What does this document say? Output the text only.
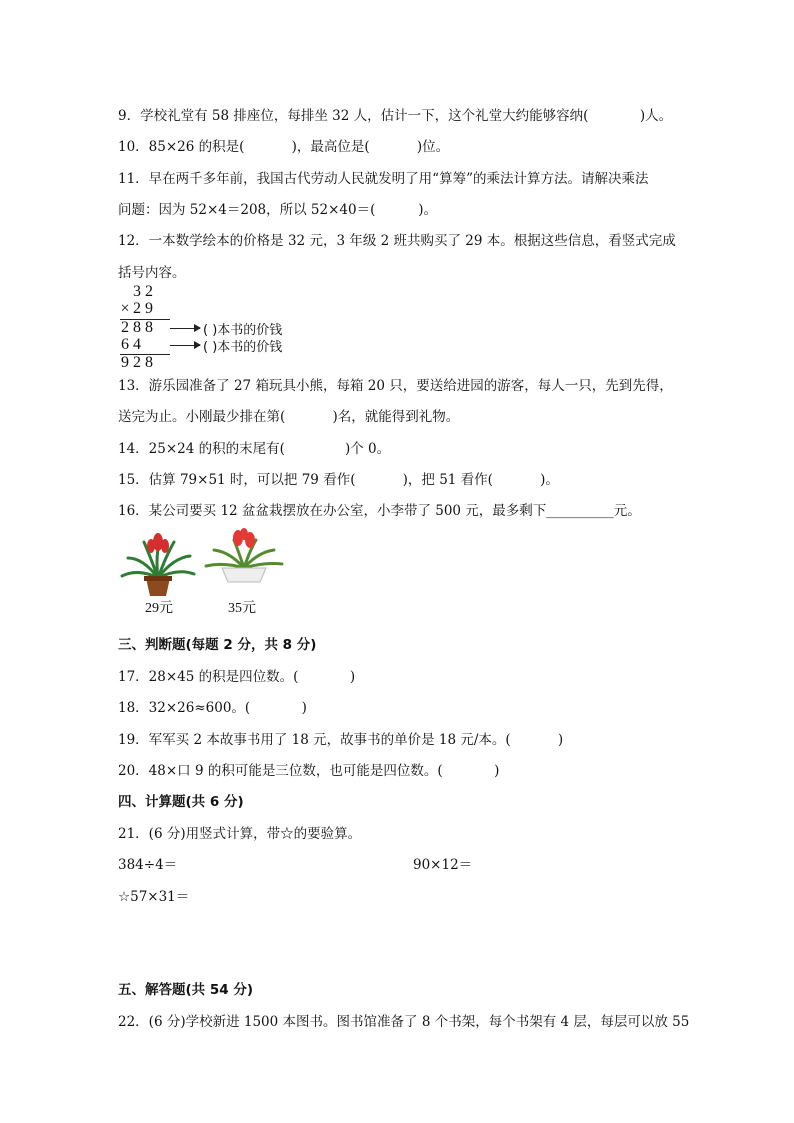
9．学校礼堂有 58 排座位，每排坐 32 人，估计一下，这个礼堂大约能够容纳(            )人。
10．85×26 的积是(           )，最高位是(           )位。
11．早在两千多年前，我国古代劳动人民就发明了用“算筹”的乘法计算方法。请解决乘法
问题：因为 52×4＝208，所以 52×40＝(          )。
12．一本数学绘本的价格是 32 元，3 年级 2 班共购买了 29 本。根据这些信息，看竖式完成
括号内容。
3 2
× 2 9
2 8 8	( )本书的价钱
6 4	( )本书的价钱
9 2 8
13．游乐园准备了 27 箱玩具小熊，每箱 20 只，要送给进园的游客，每人一只，先到先得，
送完为止。小刚最少排在第(           )名，就能得到礼物。
14．25×24 的积的末尾有(              )个 0。
15．估算 79×51 时，可以把 79 看作(           )，把 51 看作(           )。
16．某公司要买 12 盆盆栽摆放在办公室，小李带了 500 元，最多剩下__________元。
29元	35元
三、判断题(每题 2 分，共 8 分)
17．28×45 的积是四位数。(            )
18．32×26≈600。(            )
19．军军买 2 本故事书用了 18 元，故事书的单价是 18 元/本。(           )
20．48×口 9 的积可能是三位数，也可能是四位数。(            )
四、计算题(共 6 分)
21．(6 分)用竖式计算，带☆的要验算。
384÷4＝	90×12＝
☆57×31＝
五、解答题(共 54 分)
22．(6 分)学校新进 1500 本图书。图书馆准备了 8 个书架，每个书架有 4 层，每层可以放 55
